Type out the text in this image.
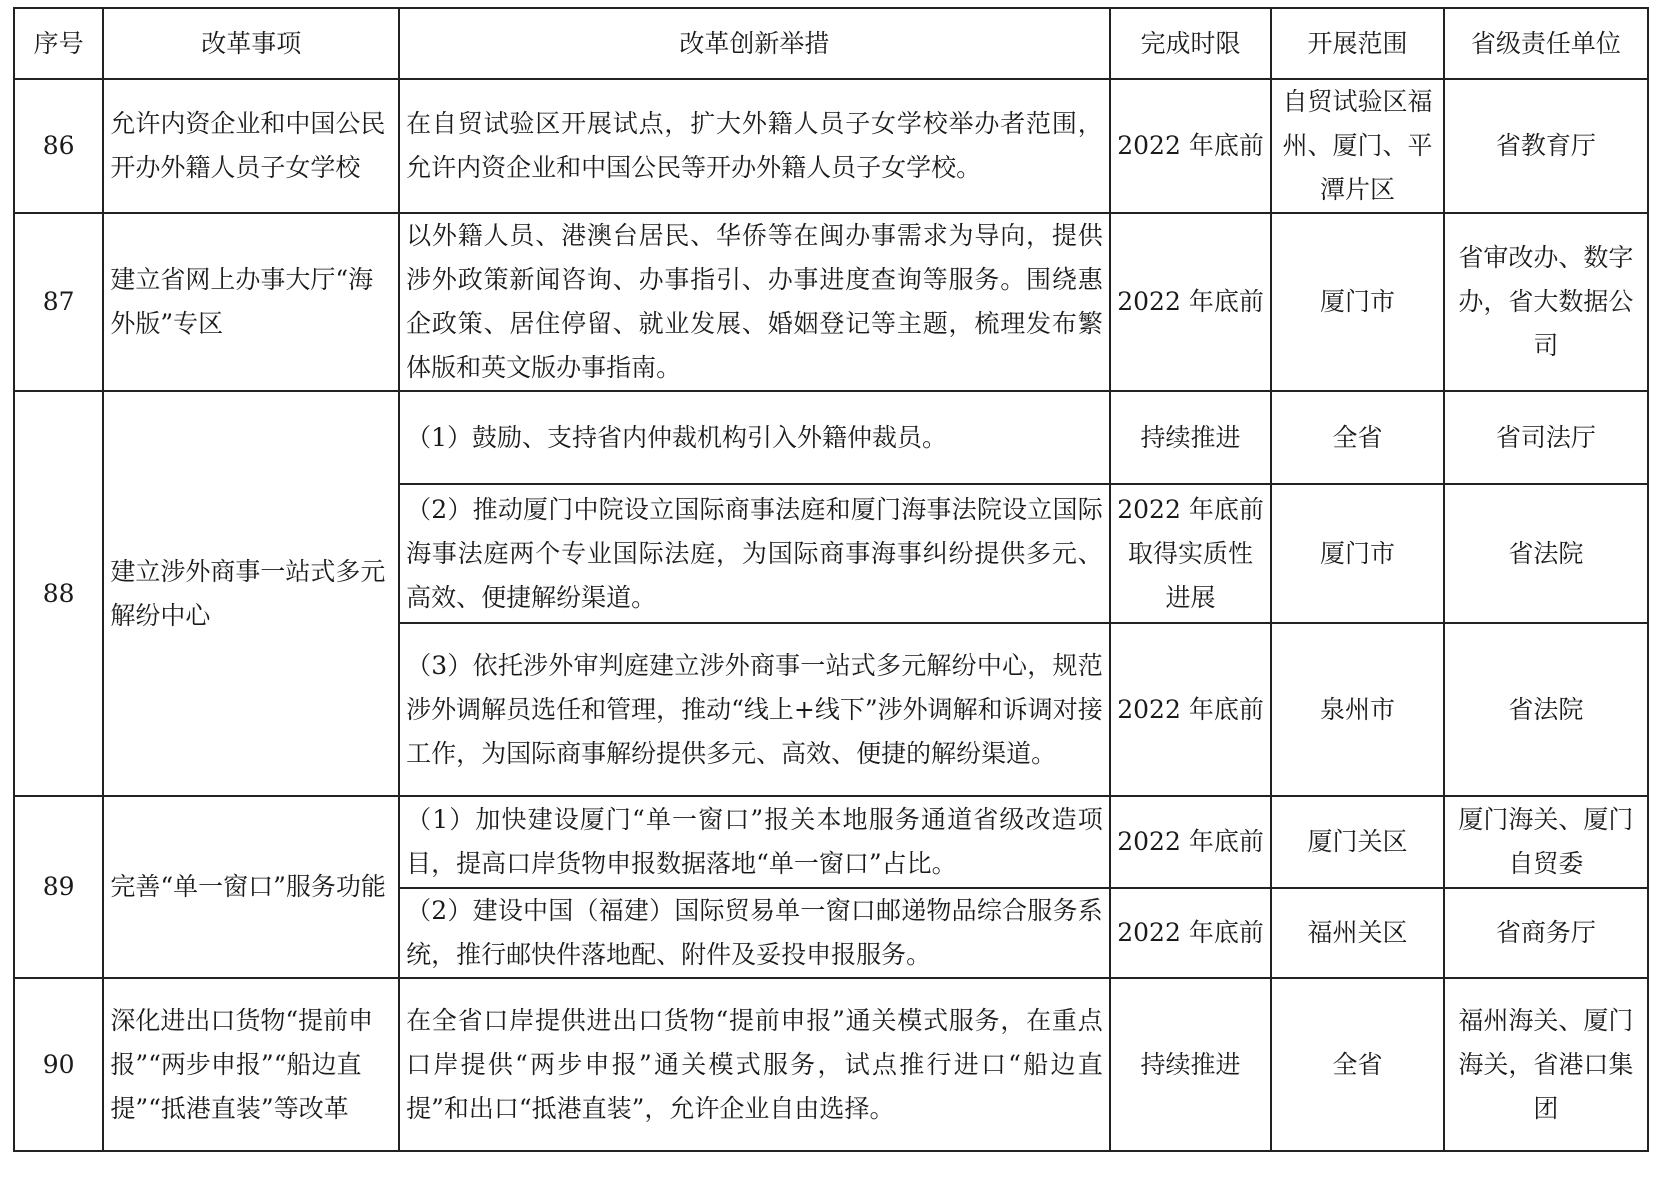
序号	改革事项	改革创新举措	完成时限	开展范围	省级责任单位
86	允许内资企业和中国公民开办外籍人员子女学校	在自贸试验区开展试点，扩大外籍人员子女学校举办者范围，允许内资企业和中国公民等开办外籍人员子女学校。	2022 年底前	自贸试验区福州、厦门、平潭片区	省教育厅
87	建立省网上办事大厅“海外版”专区	以外籍人员、港澳台居民、华侨等在闽办事需求为导向，提供涉外政策新闻咨询、办事指引、办事进度查询等服务。围绕惠企政策、居住停留、就业发展、婚姻登记等主题，梳理发布繁体版和英文版办事指南。	2022 年底前	厦门市	省审改办、数字办，省大数据公司
88	建立涉外商事一站式多元解纷中心	（1）鼓励、支持省内仲裁机构引入外籍仲裁员。	持续推进	全省	省司法厅
		（2）推动厦门中院设立国际商事法庭和厦门海事法院设立国际海事法庭两个专业国际法庭，为国际商事海事纠纷提供多元、高效、便捷解纷渠道。	2022 年底前取得实质性进展	厦门市	省法院
		（3）依托涉外审判庭建立涉外商事一站式多元解纷中心，规范涉外调解员选任和管理，推动“线上+线下”涉外调解和诉调对接工作，为国际商事解纷提供多元、高效、便捷的解纷渠道。	2022 年底前	泉州市	省法院
89	完善“单一窗口”服务功能	（1）加快建设厦门“单一窗口”报关本地服务通道省级改造项目，提高口岸货物申报数据落地“单一窗口”占比。	2022 年底前	厦门关区	厦门海关、厦门自贸委
		（2）建设中国（福建）国际贸易单一窗口邮递物品综合服务系统，推行邮快件落地配、附件及妥投申报服务。	2022 年底前	福州关区	省商务厅
90	深化进出口货物“提前申报”“两步申报”“船边直提”“抵港直装”等改革	在全省口岸提供进出口货物“提前申报”通关模式服务，在重点口岸提供“两步申报”通关模式服务，试点推行进口“船边直提”和出口“抵港直装”，允许企业自由选择。	持续推进	全省	福州海关、厦门海关，省港口集团
